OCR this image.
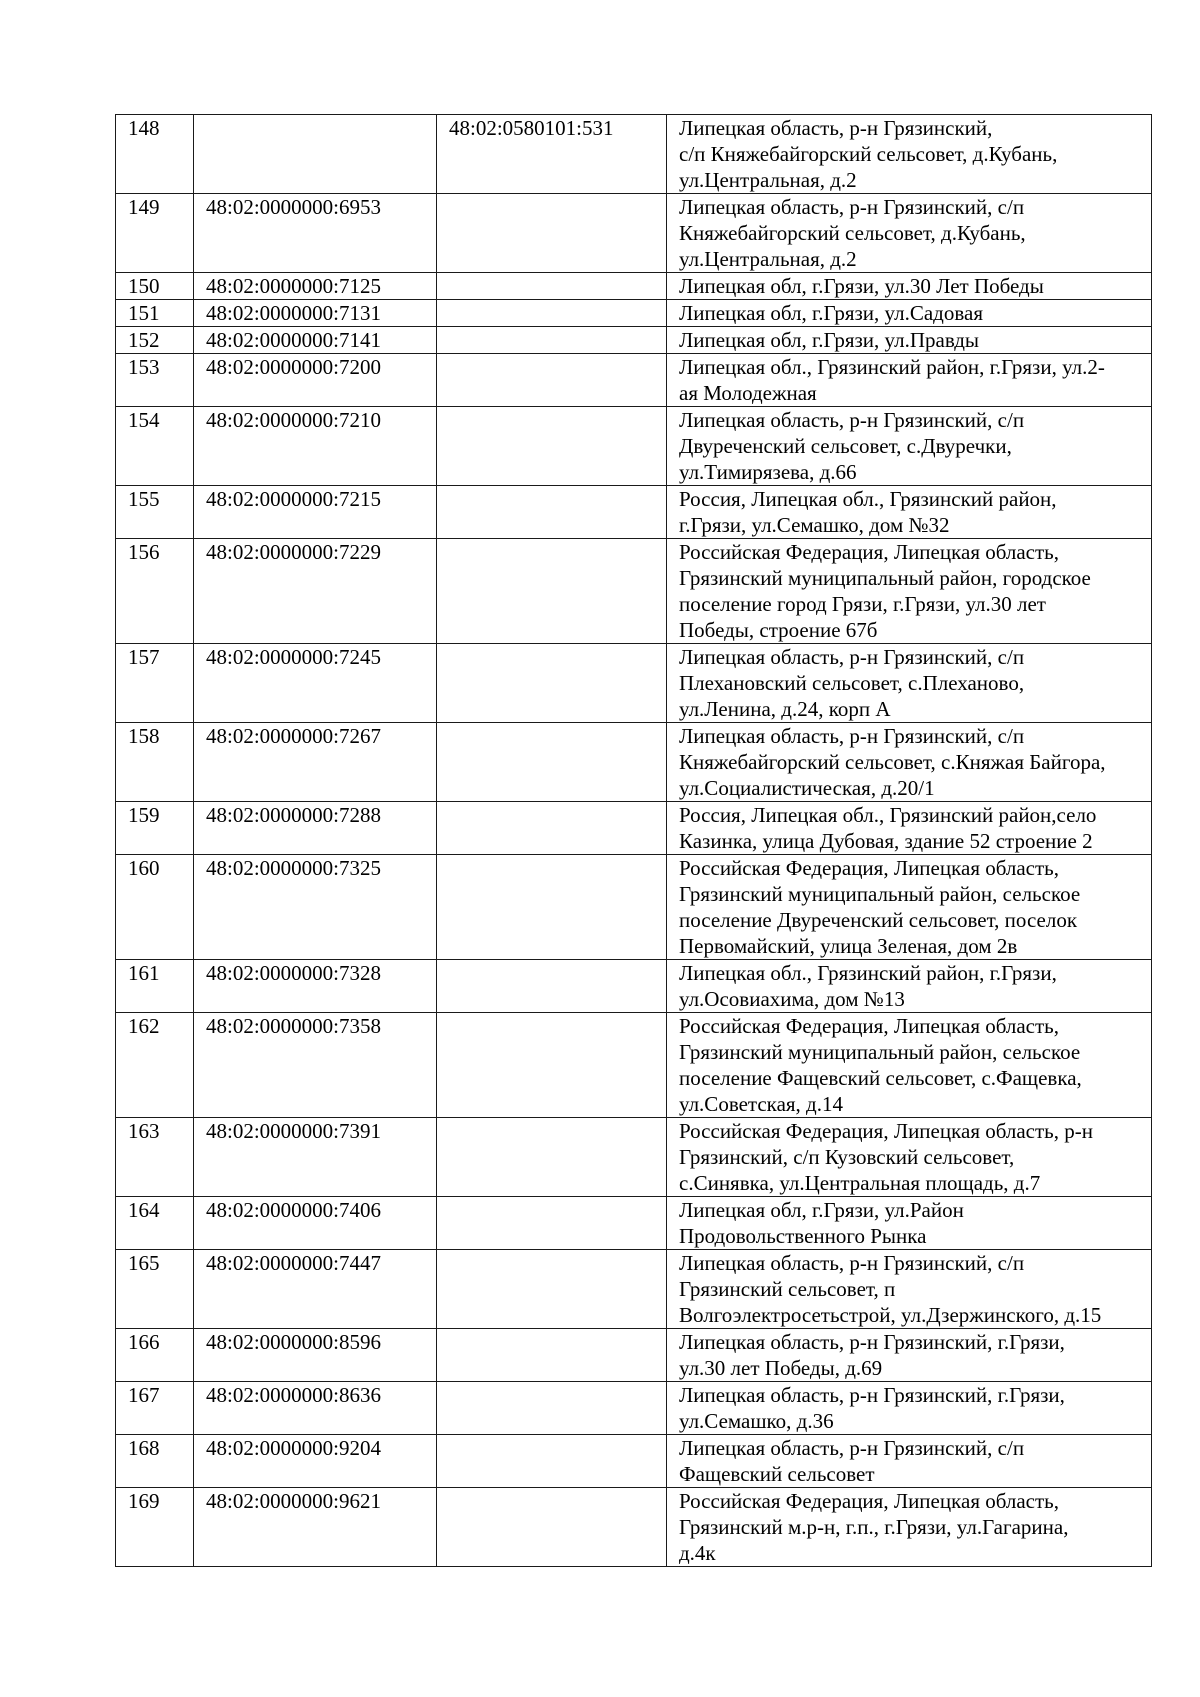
148		48:02:0580101:531	Липецкая область, р-н Грязинский,
с/п Княжебайгорский сельсовет, д.Кубань,
ул.Центральная, д.2

149	48:02:0000000:6953		Липецкая область, р-н Грязинский, с/п
Княжебайгорский сельсовет, д.Кубань,
ул.Центральная, д.2

150	48:02:0000000:7125		Липецкая обл, г.Грязи, ул.30 Лет Победы

151	48:02:0000000:7131		Липецкая обл, г.Грязи, ул.Садовая

152	48:02:0000000:7141		Липецкая обл, г.Грязи, ул.Правды

153	48:02:0000000:7200		Липецкая обл., Грязинский район, г.Грязи, ул.2-
ая Молодежная

154	48:02:0000000:7210		Липецкая область, р-н Грязинский, с/п
Двуреченский сельсовет, с.Двуречки,
ул.Тимирязева, д.66

155	48:02:0000000:7215		Россия, Липецкая обл., Грязинский район,
г.Грязи, ул.Семашко, дом №32

156	48:02:0000000:7229		Российская Федерация, Липецкая область,
Грязинский муниципальный район, городское
поселение город Грязи, г.Грязи, ул.30 лет
Победы, строение 67б

157	48:02:0000000:7245		Липецкая область, р-н Грязинский, с/п
Плехановский сельсовет, с.Плеханово,
ул.Ленина, д.24, корп А

158	48:02:0000000:7267		Липецкая область, р-н Грязинский, с/п
Княжебайгорский сельсовет, с.Княжая Байгора,
ул.Социалистическая, д.20/1

159	48:02:0000000:7288		Россия, Липецкая обл., Грязинский район,село
Казинка, улица Дубовая, здание 52 строение 2

160	48:02:0000000:7325		Российская Федерация, Липецкая область,
Грязинский муниципальный район, сельское
поселение Двуреченский сельсовет, поселок
Первомайский, улица Зеленая, дом 2в

161	48:02:0000000:7328		Липецкая обл., Грязинский район, г.Грязи,
ул.Осовиахима, дом №13

162	48:02:0000000:7358		Российская Федерация, Липецкая область,
Грязинский муниципальный район, сельское
поселение Фащевский сельсовет, с.Фащевка,
ул.Советская, д.14

163	48:02:0000000:7391		Российская Федерация, Липецкая область, р-н
Грязинский, с/п Кузовский сельсовет,
с.Синявка, ул.Центральная площадь, д.7

164	48:02:0000000:7406		Липецкая обл, г.Грязи, ул.Район
Продовольственного Рынка

165	48:02:0000000:7447		Липецкая область, р-н Грязинский, с/п
Грязинский сельсовет, п
Волгоэлектросетьстрой, ул.Дзержинского, д.15

166	48:02:0000000:8596		Липецкая область, р-н Грязинский, г.Грязи,
ул.30 лет Победы, д.69

167	48:02:0000000:8636		Липецкая область, р-н Грязинский, г.Грязи,
ул.Семашко, д.36

168	48:02:0000000:9204		Липецкая область, р-н Грязинский, с/п
Фащевский сельсовет

169	48:02:0000000:9621		Российская Федерация, Липецкая область,
Грязинский м.р-н, г.п., г.Грязи, ул.Гагарина,
д.4к
